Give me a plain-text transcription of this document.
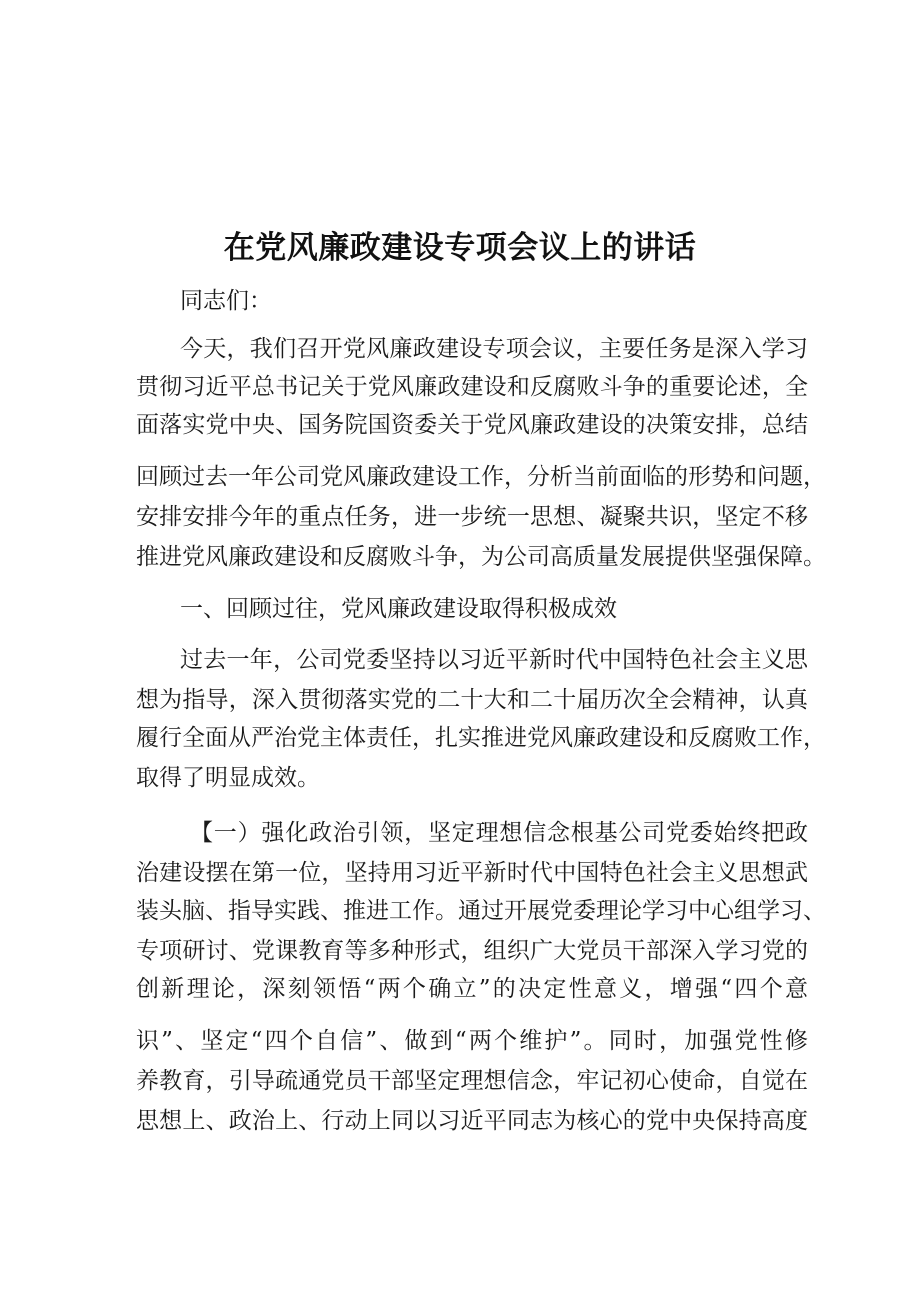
在党风廉政建设专项会议上的讲话

同志们：

今天，我们召开党风廉政建设专项会议，主要任务是深入学习

贯彻习近平总书记关于党风廉政建设和反腐败斗争的重要论述，全

面落实党中央、国务院国资委关于党风廉政建设的决策安排，总结

回顾过去一年公司党风廉政建设工作，分析当前面临的形势和问题，

安排安排今年的重点任务，进一步统一思想、凝聚共识，坚定不移

推进党风廉政建设和反腐败斗争，为公司高质量发展提供坚强保障。

一、回顾过往，党风廉政建设取得积极成效

过去一年，公司党委坚持以习近平新时代中国特色社会主义思

想为指导，深入贯彻落实党的二十大和二十届历次全会精神，认真

履行全面从严治党主体责任，扎实推进党风廉政建设和反腐败工作，

取得了明显成效。

【一）强化政治引领，坚定理想信念根基公司党委始终把政

治建设摆在第一位，坚持用习近平新时代中国特色社会主义思想武

装头脑、指导实践、推进工作。通过开展党委理论学习中心组学习、

专项研讨、党课教育等多种形式，组织广大党员干部深入学习党的

创新理论，深刻领悟“两个确立”的决定性意义，增强“四个意

识”、坚定“四个自信”、做到“两个维护”。同时，加强党性修

养教育，引导疏通党员干部坚定理想信念，牢记初心使命，自觉在

思想上、政治上、行动上同以习近平同志为核心的党中央保持高度
